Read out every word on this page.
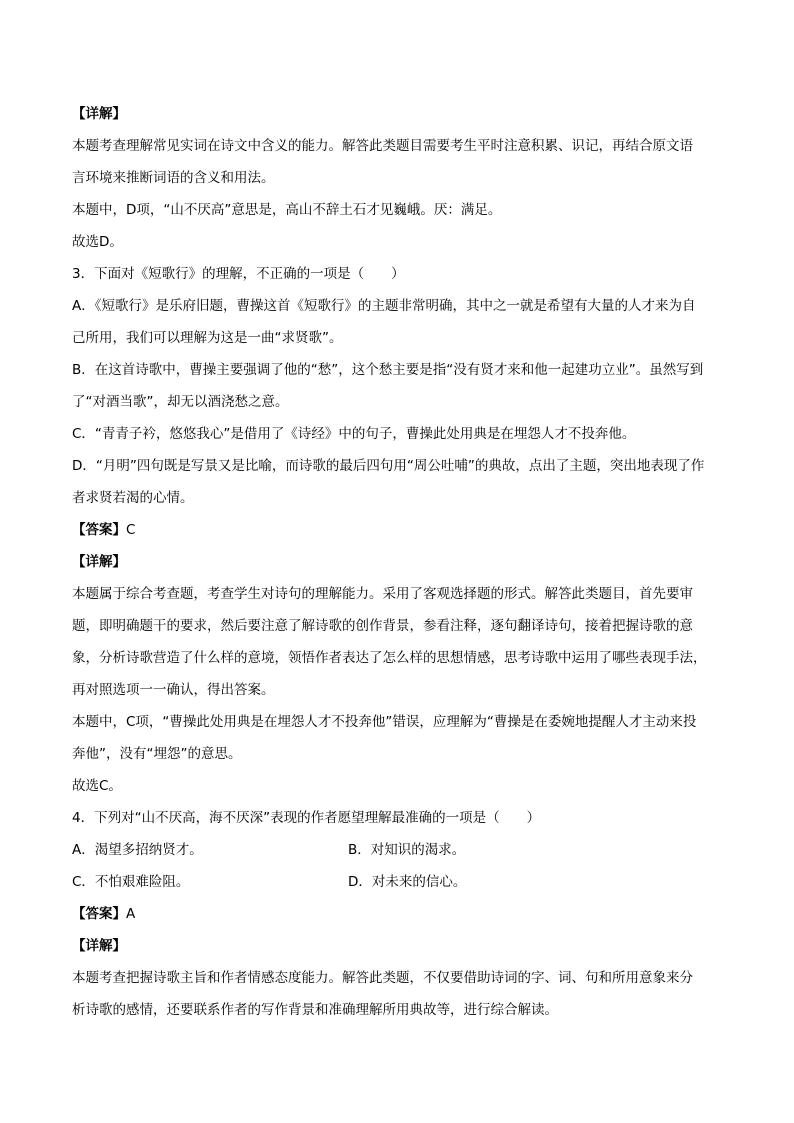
【详解】
本题考查理解常见实词在诗文中含义的能力。解答此类题目需要考生平时注意积累、识记，再结合原文语
言环境来推断词语的含义和用法。
本题中，D项，“山不厌高”意思是，高山不辞土石才见巍峨。厌：满足。
故选D。
3．下面对《短歌行》的理解，不正确的一项是（　　）
A．《短歌行》是乐府旧题，曹操这首《短歌行》的主题非常明确，其中之一就是希望有大量的人才来为自
己所用，我们可以理解为这是一曲“求贤歌”。
B．在这首诗歌中，曹操主要强调了他的“愁”，这个愁主要是指“没有贤才来和他一起建功立业”。虽然写到
了“对酒当歌”，却无以酒浇愁之意。
C．“青青子衿，悠悠我心”是借用了《诗经》中的句子，曹操此处用典是在埋怨人才不投奔他。
D．“月明”四句既是写景又是比喻，而诗歌的最后四句用“周公吐哺”的典故，点出了主题，突出地表现了作
者求贤若渴的心情。
【答案】C
【详解】
本题属于综合考查题，考查学生对诗句的理解能力。采用了客观选择题的形式。解答此类题目，首先要审
题，即明确题干的要求，然后要注意了解诗歌的创作背景，参看注释，逐句翻译诗句，接着把握诗歌的意
象，分析诗歌营造了什么样的意境，领悟作者表达了怎么样的思想情感，思考诗歌中运用了哪些表现手法，
再对照选项一一确认，得出答案。
本题中，C项，“曹操此处用典是在埋怨人才不投奔他”错误，应理解为“曹操是在委婉地提醒人才主动来投
奔他”，没有“埋怨”的意思。
故选C。
4．下列对“山不厌高，海不厌深”表现的作者愿望理解最准确的一项是（　　）
A．渴望多招纳贤才。	B．对知识的渴求。
C．不怕艰难险阻。	D．对未来的信心。
【答案】A
【详解】
本题考查把握诗歌主旨和作者情感态度能力。解答此类题，不仅要借助诗词的字、词、句和所用意象来分
析诗歌的感情，还要联系作者的写作背景和准确理解所用典故等，进行综合解读。
